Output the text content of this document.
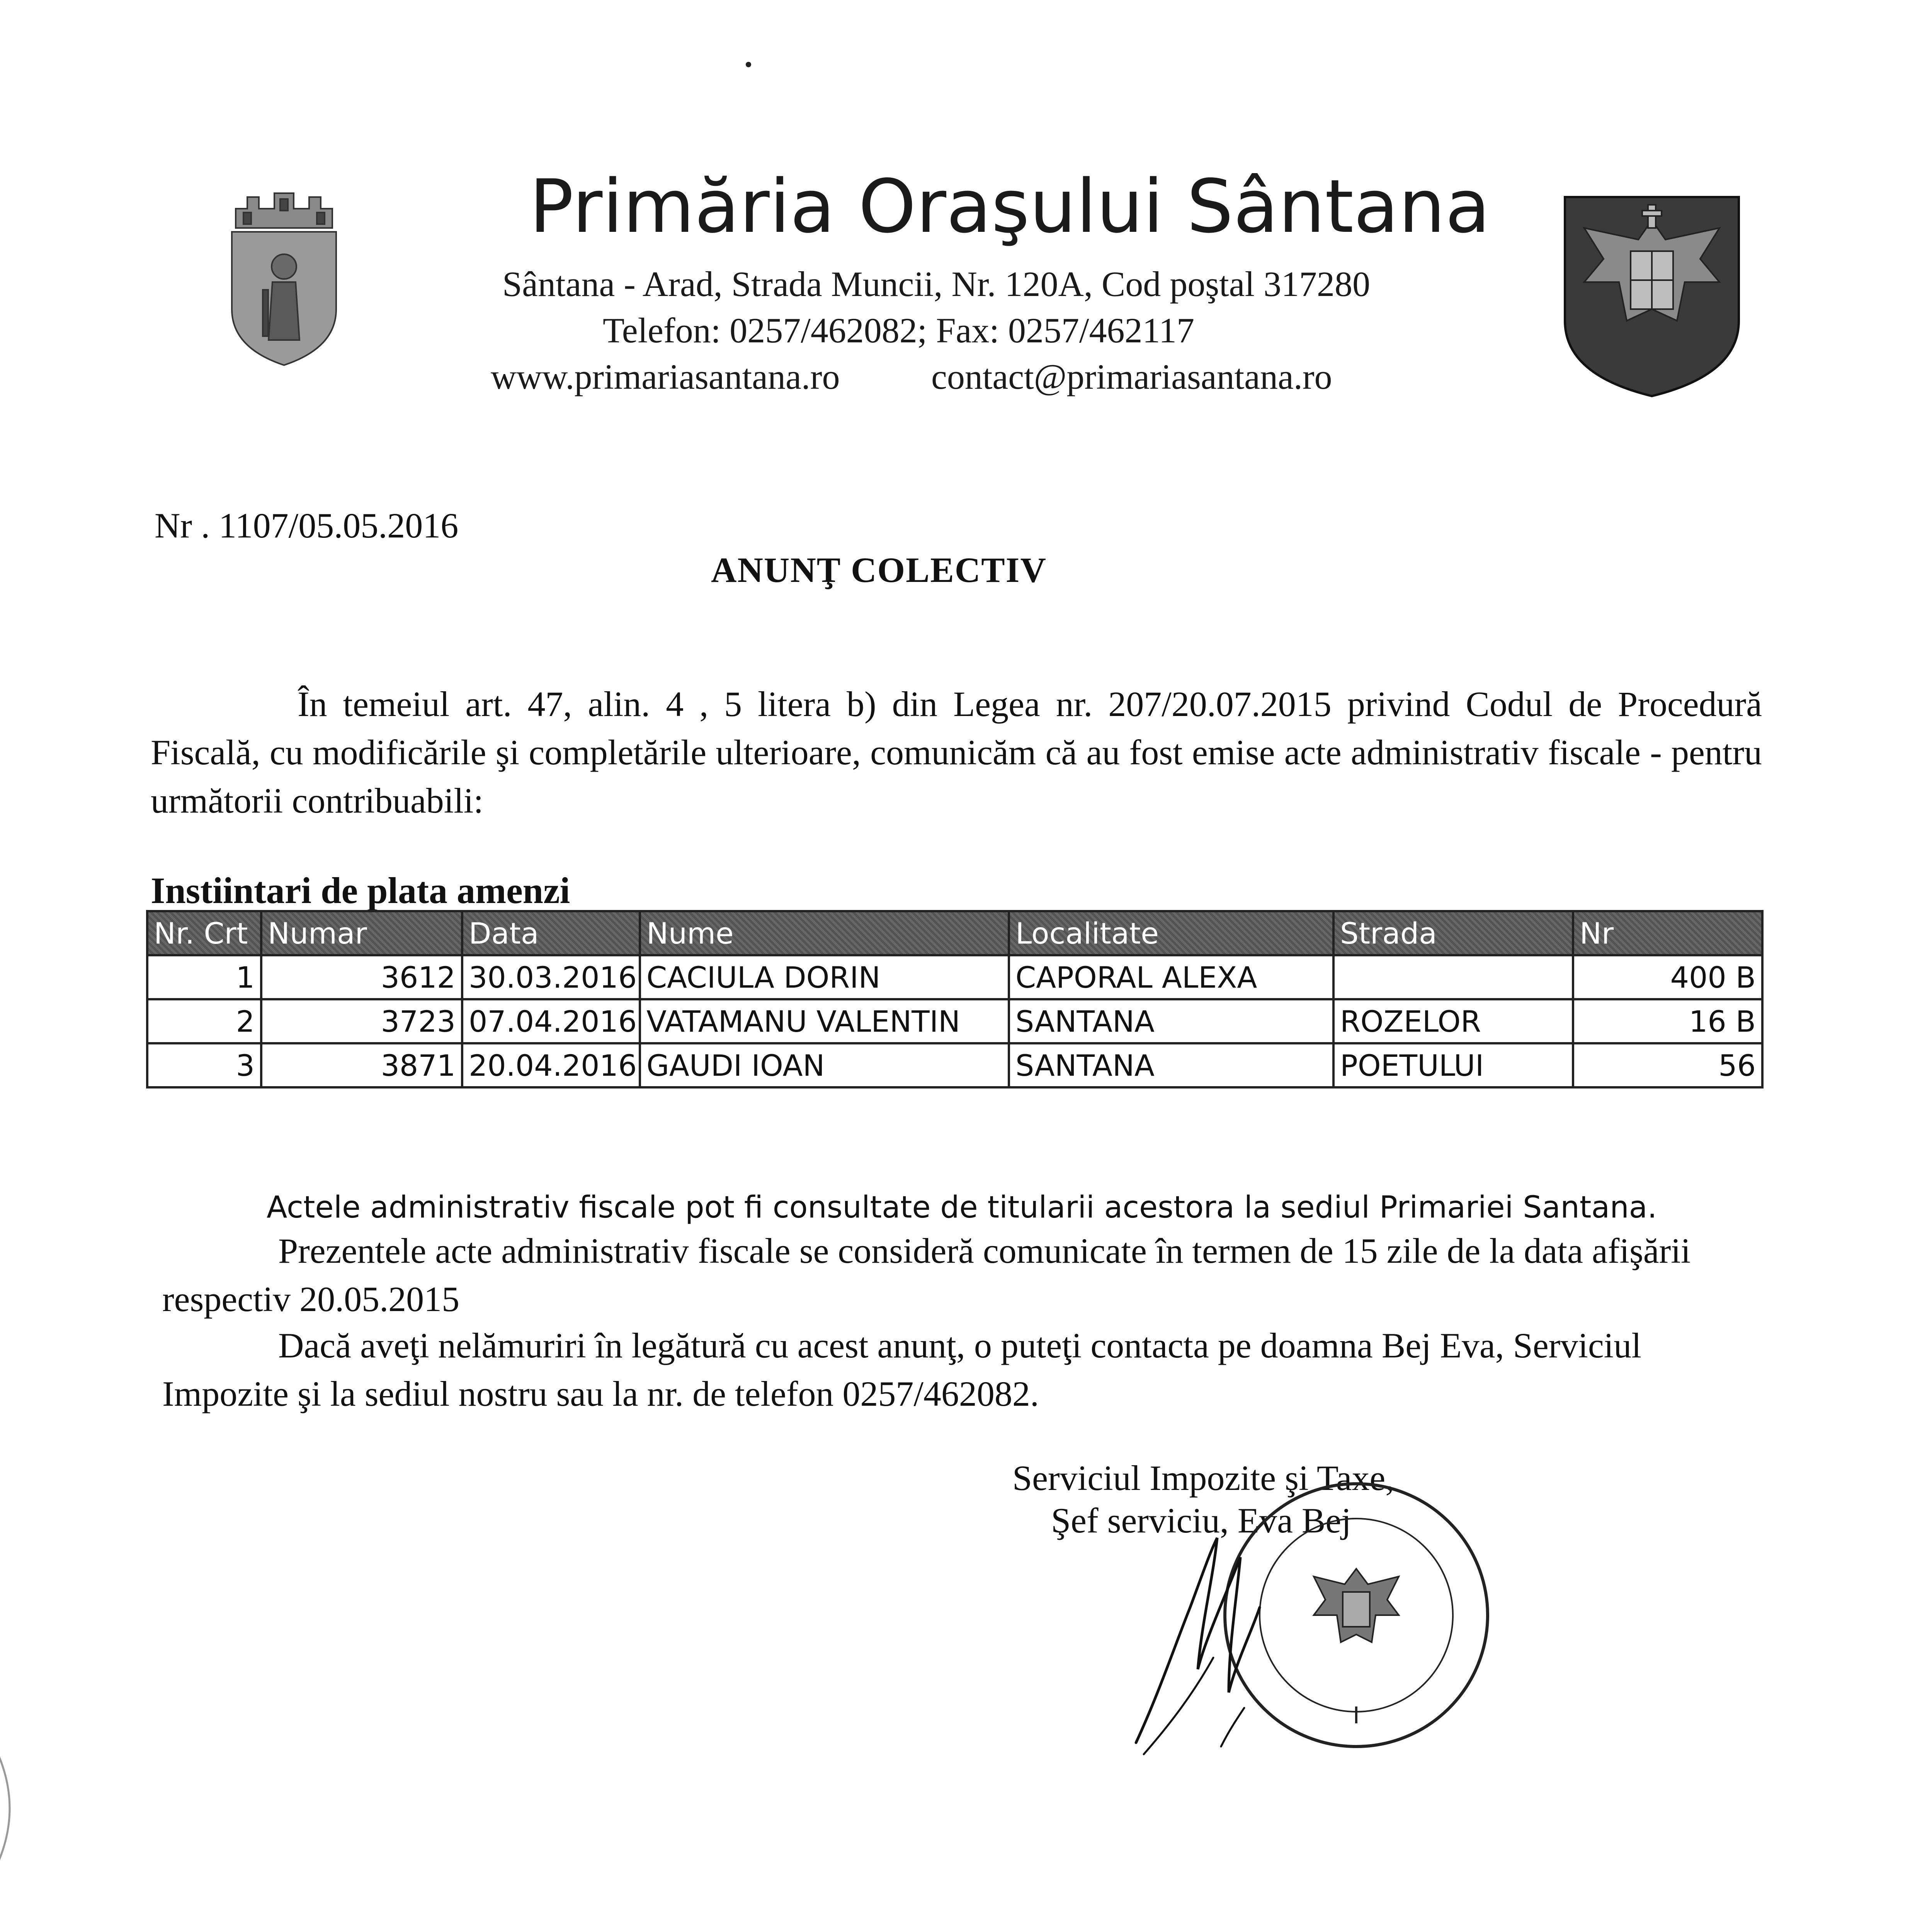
Primăria Oraşului Sântana
Sântana - Arad, Strada Muncii, Nr. 120A, Cod poştal 317280
Telefon: 0257/462082; Fax: 0257/462117
www.primariasantana.ro	contact@primariasantana.ro
Nr . 1107/05.05.2016
ANUNŢ COLECTIV
În temeiul art. 47, alin. 4 , 5 litera b) din Legea nr. 207/20.07.2015 privind Codul de Procedură Fiscală, cu modificările şi completările ulterioare, comunicăm că au fost emise acte administrativ fiscale - pentru următorii contribuabili:
Instiintari de plata amenzi
Nr. Crt	Numar	Data	Nume	Localitate	Strada	Nr
1	3612	30.03.2016	CACIULA DORIN	CAPORAL ALEXA		400 B
2	3723	07.04.2016	VATAMANU VALENTIN	SANTANA	ROZELOR	16 B
3	3871	20.04.2016	GAUDI IOAN	SANTANA	POETULUI	56
Actele administrativ fiscale pot fi consultate de titularii acestora la sediul Primariei Santana.
Prezentele acte administrativ fiscale se consideră comunicate în termen de 15 zile de la data afişării respectiv 20.05.2015
Dacă aveţi nelămuriri în legătură cu acest anunţ, o puteţi contacta pe doamna Bej Eva, Serviciul Impozite şi la sediul nostru sau la nr. de telefon 0257/462082.
Serviciul Impozite şi Taxe,
Şef serviciu, Eva Bej
I
